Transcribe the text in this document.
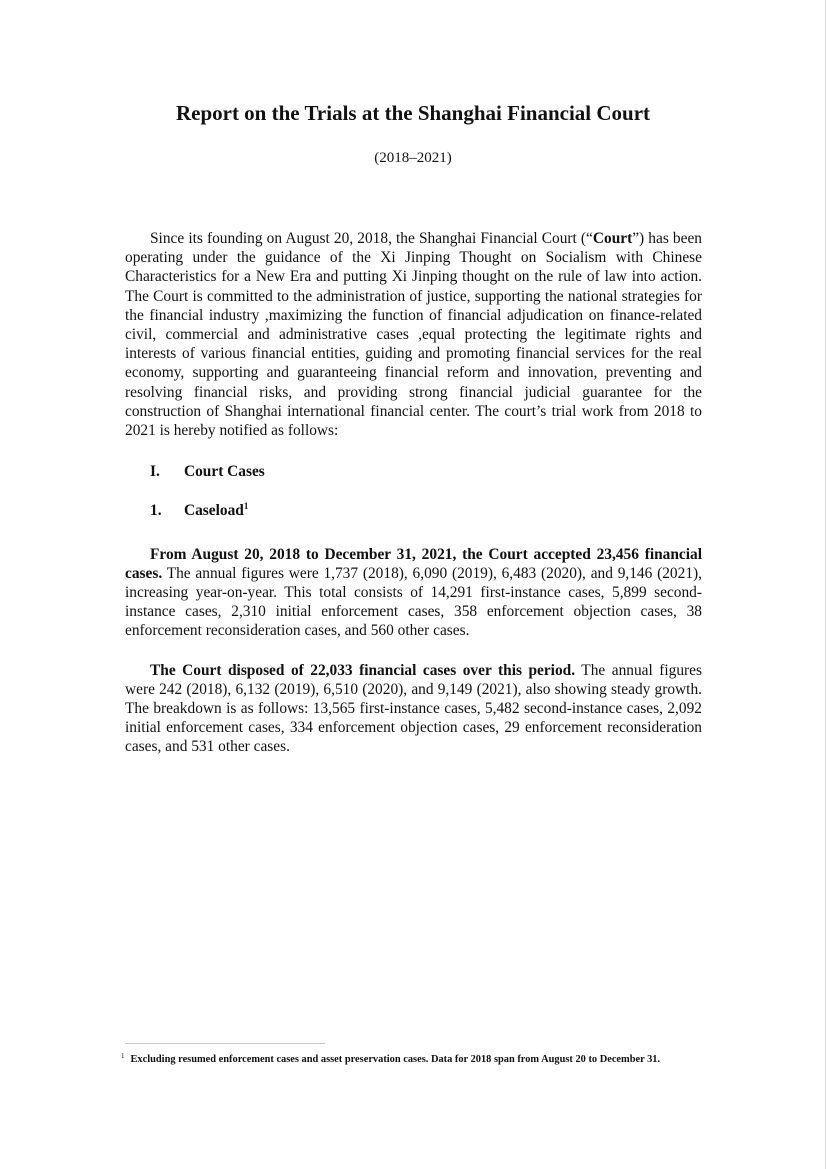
Report on the Trials at the Shanghai Financial Court

(2018–2021)

Since its founding on August 20, 2018, the Shanghai Financial Court (“Court”) has been operating under the guidance of the Xi Jinping Thought on Socialism with Chinese Characteristics for a New Era and putting Xi Jinping thought on the rule of law into action. The Court is committed to the administration of justice, supporting the national strategies for the financial industry ,maximizing the function of financial adjudication on finance-related civil, commercial and administrative cases ,equal protecting the legitimate rights and interests of various financial entities, guiding and promoting financial services for the real economy, supporting and guaranteeing financial reform and innovation, preventing and resolving financial risks, and providing strong financial judicial guarantee for the construction of Shanghai international financial center. The court’s trial work from 2018 to 2021 is hereby notified as follows:

I. Court Cases

1. Caseload$^1$

From August 20, 2018 to December 31, 2021, the Court accepted 23,456 financial cases. The annual figures were 1,737 (2018), 6,090 (2019), 6,483 (2020), and 9,146 (2021), increasing year-on-year. This total consists of 14,291 first-instance cases, 5,899 second-instance cases, 2,310 initial enforcement cases, 358 enforcement objection cases, 38 enforcement reconsideration cases, and 560 other cases.

The Court disposed of 22,033 financial cases over this period. The annual figures were 242 (2018), 6,132 (2019), 6,510 (2020), and 9,149 (2021), also showing steady growth. The breakdown is as follows: 13,565 first-instance cases, 5,482 second-instance cases, 2,092 initial enforcement cases, 334 enforcement objection cases, 29 enforcement reconsideration cases, and 531 other cases.

$^1$ Excluding resumed enforcement cases and asset preservation cases. Data for 2018 span from August 20 to December 31.
